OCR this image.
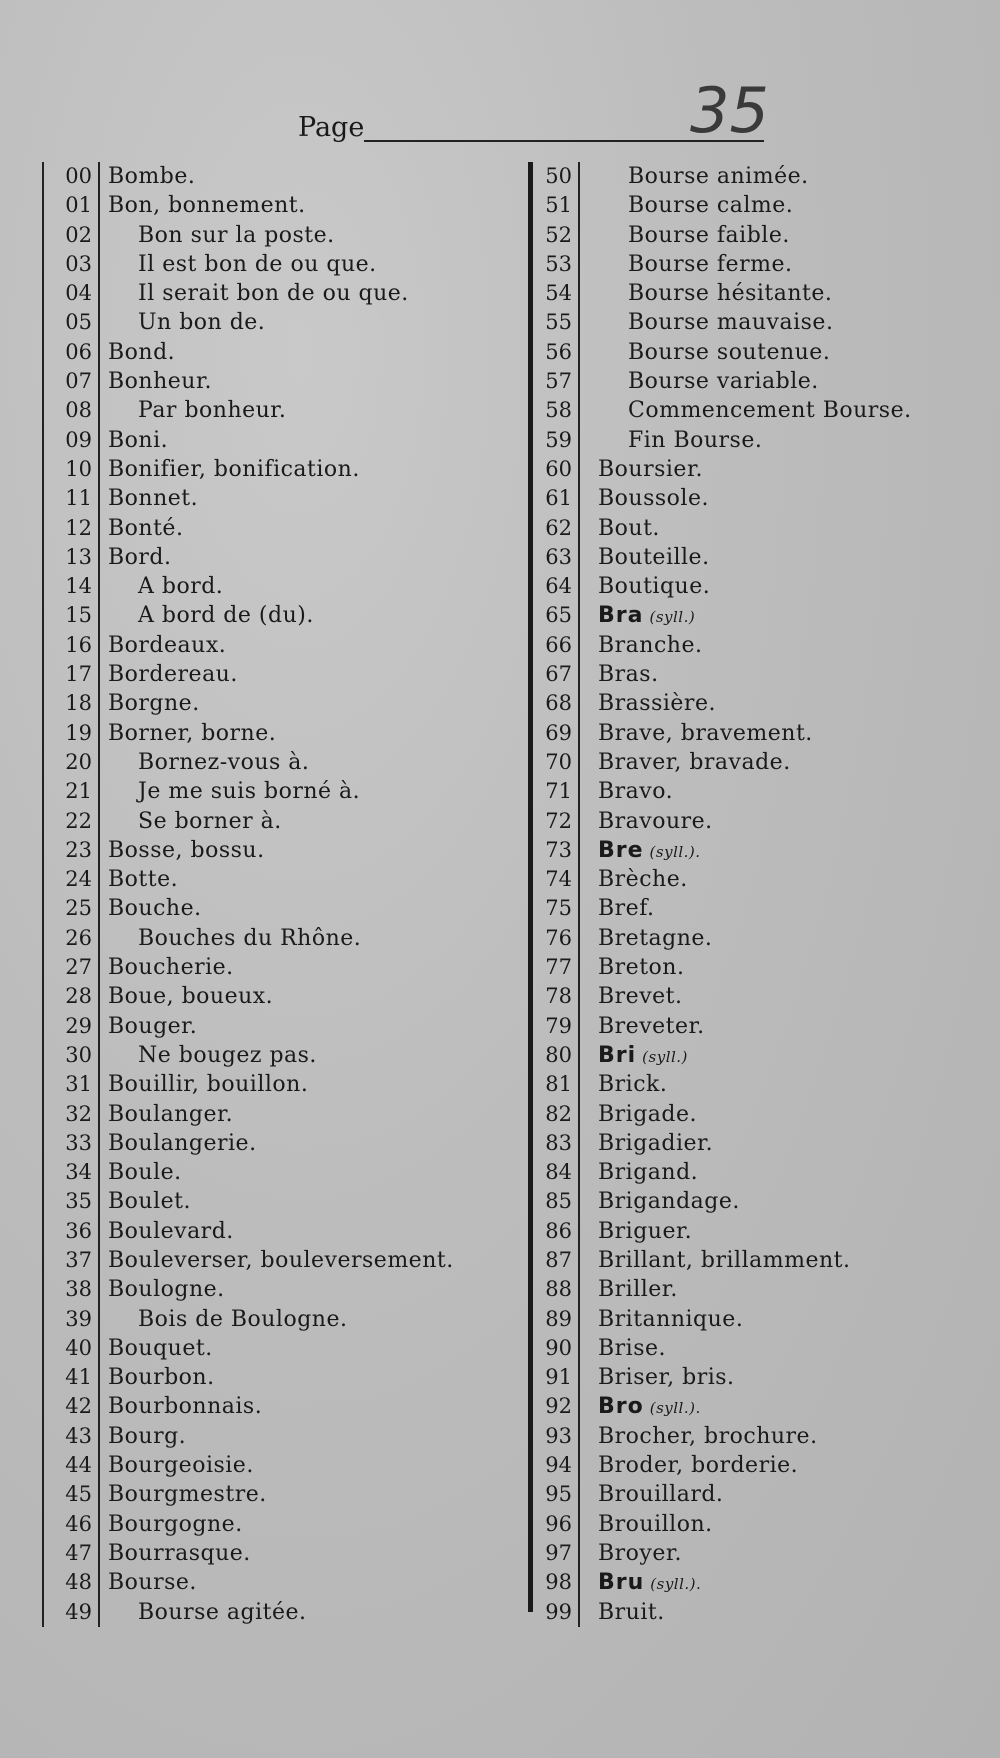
Page	35
00 Bombe.
01 Bon, bonnement.
02 Bon sur la poste.
03 Il est bon de ou que.
04 Il serait bon de ou que.
05 Un bon de.
06 Bond.
07 Bonheur.
08 Par bonheur.
09 Boni.
10 Bonifier, bonification.
11 Bonnet.
12 Bonté.
13 Bord.
14 A bord.
15 A bord de (du).
16 Bordeaux.
17 Bordereau.
18 Borgne.
19 Borner, borne.
20 Bornez-vous à.
21 Je me suis borné à.
22 Se borner à.
23 Bosse, bossu.
24 Botte.
25 Bouche.
26 Bouches du Rhône.
27 Boucherie.
28 Boue, boueux.
29 Bouger.
30 Ne bougez pas.
31 Bouillir, bouillon.
32 Boulanger.
33 Boulangerie.
34 Boule.
35 Boulet.
36 Boulevard.
37 Bouleverser, bouleversement.
38 Boulogne.
39 Bois de Boulogne.
40 Bouquet.
41 Bourbon.
42 Bourbonnais.
43 Bourg.
44 Bourgeoisie.
45 Bourgmestre.
46 Bourgogne.
47 Bourrasque.
48 Bourse.
49 Bourse agitée.
50	Bourse animée.
51	Bourse calme.
52	Bourse faible.
53	Bourse ferme.
54	Bourse hésitante.
55	Bourse mauvaise.
56	Bourse soutenue.
57	Bourse variable.
58	Commencement Bourse.
59	Fin Bourse.
60 Boursier.
61 Boussole.
62 Bout.
63 Bouteille.
64 Boutique.
65 Bra (syll.)
66 Branche.
67 Bras.
68 Brassière.
69 Brave, bravement.
70 Braver, bravade.
71 Bravo.
72 Bravoure.
73 Bre (syll.).
74 Brèche.
75 Bref.
76 Bretagne.
77 Breton.
78 Brevet.
79 Breveter.
80 Bri (syll.)
81 Brick.
82 Brigade.
83 Brigadier.
84 Brigand.
85 Brigandage.
86 Briguer.
87 Brillant, brillamment.
88 Briller.
89 Britannique.
90 Brise.
91 Briser, bris.
92 Bro (syll.).
93 Brocher, brochure.
94 Broder, borderie.
95 Brouillard.
96 Brouillon.
97 Broyer.
98 Bru (syll.).
99 Bruit.
